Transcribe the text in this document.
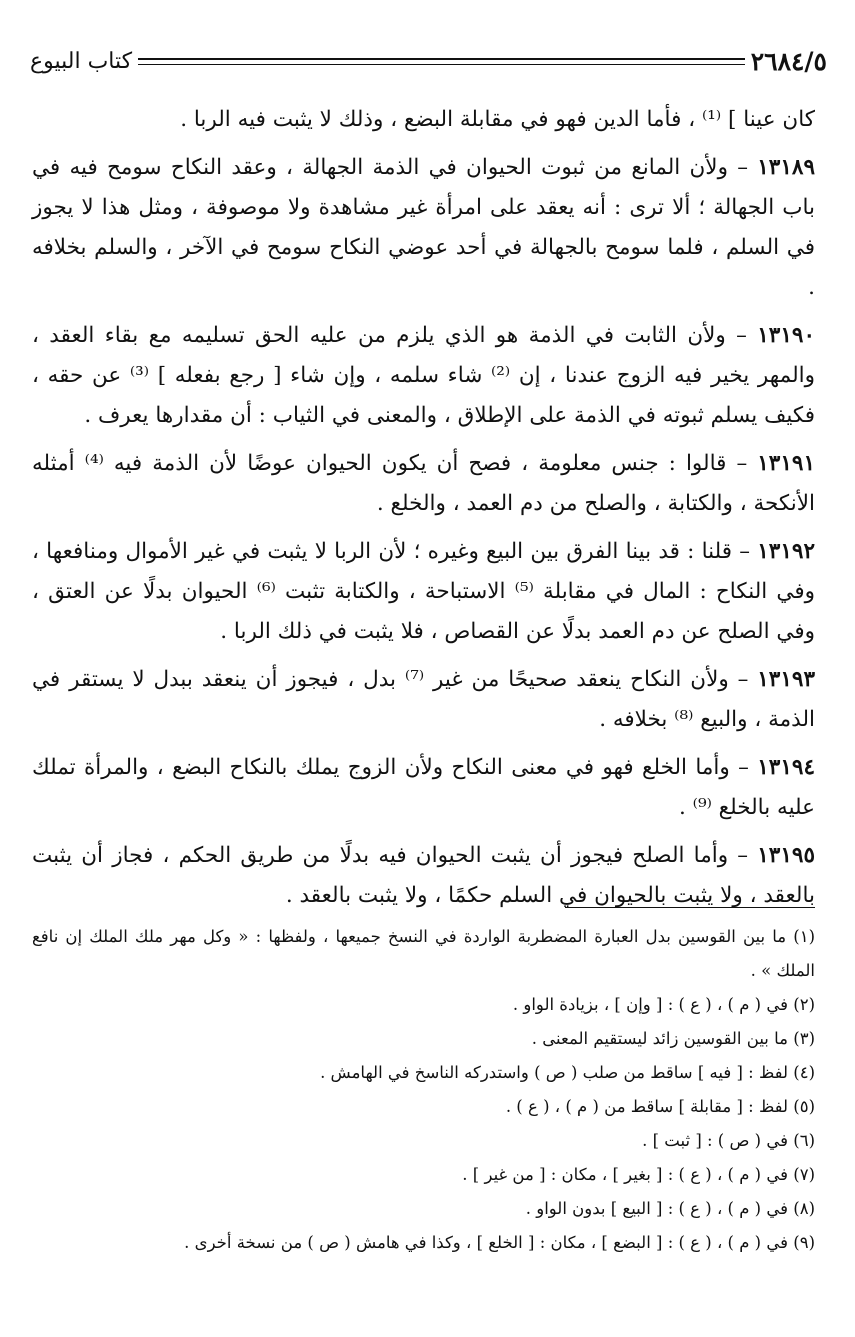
٢٦٨٤/٥
كتاب البيوع

كان عينا ] ⁽¹⁾ ، فأما الدين فهو في مقابلة البضع ، وذلك لا يثبت فيه الربا .

١٣١٨٩ – ولأن المانع من ثبوت الحيوان في الذمة الجهالة ، وعقد النكاح سومح فيه في باب الجهالة ؛ ألا ترى : أنه يعقد على امرأة غير مشاهدة ولا موصوفة ، ومثل هذا لا يجوز في السلم ، فلما سومح بالجهالة في أحد عوضي النكاح سومح في الآخر ، والسلم بخلافه .

١٣١٩٠ – ولأن الثابت في الذمة هو الذي يلزم من عليه الحق تسليمه مع بقاء العقد ، والمهر يخير فيه الزوج عندنا ، إن ⁽²⁾ شاء سلمه ، وإن شاء [ رجع بفعله ] ⁽³⁾ عن حقه ، فكيف يسلم ثبوته في الذمة على الإطلاق ، والمعنى في الثياب : أن مقدارها يعرف .

١٣١٩١ – قالوا : جنس معلومة ، فصح أن يكون الحيوان عوضًا لأن الذمة فيه ⁽⁴⁾ أمثله الأنكحة ، والكتابة ، والصلح من دم العمد ، والخلع .

١٣١٩٢ – قلنا : قد بينا الفرق بين البيع وغيره ؛ لأن الربا لا يثبت في غير الأموال ومنافعها ، وفي النكاح : المال في مقابلة ⁽⁵⁾ الاستباحة ، والكتابة تثبت ⁽⁶⁾ الحيوان بدلًا عن العتق ، وفي الصلح عن دم العمد بدلًا عن القصاص ، فلا يثبت في ذلك الربا .

١٣١٩٣ – ولأن النكاح ينعقد صحيحًا من غير ⁽⁷⁾ بدل ، فيجوز أن ينعقد ببدل لا يستقر في الذمة ، والبيع ⁽⁸⁾ بخلافه .

١٣١٩٤ – وأما الخلع فهو في معنى النكاح ولأن الزوج يملك بالنكاح البضع ، والمرأة تملك عليه بالخلع ⁽⁹⁾ .

١٣١٩٥ – وأما الصلح فيجوز أن يثبت الحيوان فيه بدلًا من طريق الحكم ، فجاز أن يثبت بالعقد ، ولا يثبت بالحيوان في السلم حكمًا ، ولا يثبت بالعقد .

(١) ما بين القوسين بدل العبارة المضطربة الواردة في النسخ جميعها ، ولفظها : « وكل مهر ملك الملك إن نافع الملك » .

(٢) في ( م ) ، ( ع ) : [ وإن ] ، بزيادة الواو .

(٣) ما بين القوسين زائد ليستقيم المعنى .

(٤) لفظ : [ فيه ] ساقط من صلب ( ص ) واستدركه الناسخ في الهامش .

(٥) لفظ : [ مقابلة ] ساقط من ( م ) ، ( ع ) .

(٦) في ( ص ) : [ ثبت ] .

(٧) في ( م ) ، ( ع ) : [ بغير ] ، مكان : [ من غير ] .

(٨) في ( م ) ، ( ع ) : [ البيع ] بدون الواو .

(٩) في ( م ) ، ( ع ) : [ البضع ] ، مكان : [ الخلع ] ، وكذا في هامش ( ص ) من نسخة أخرى .
